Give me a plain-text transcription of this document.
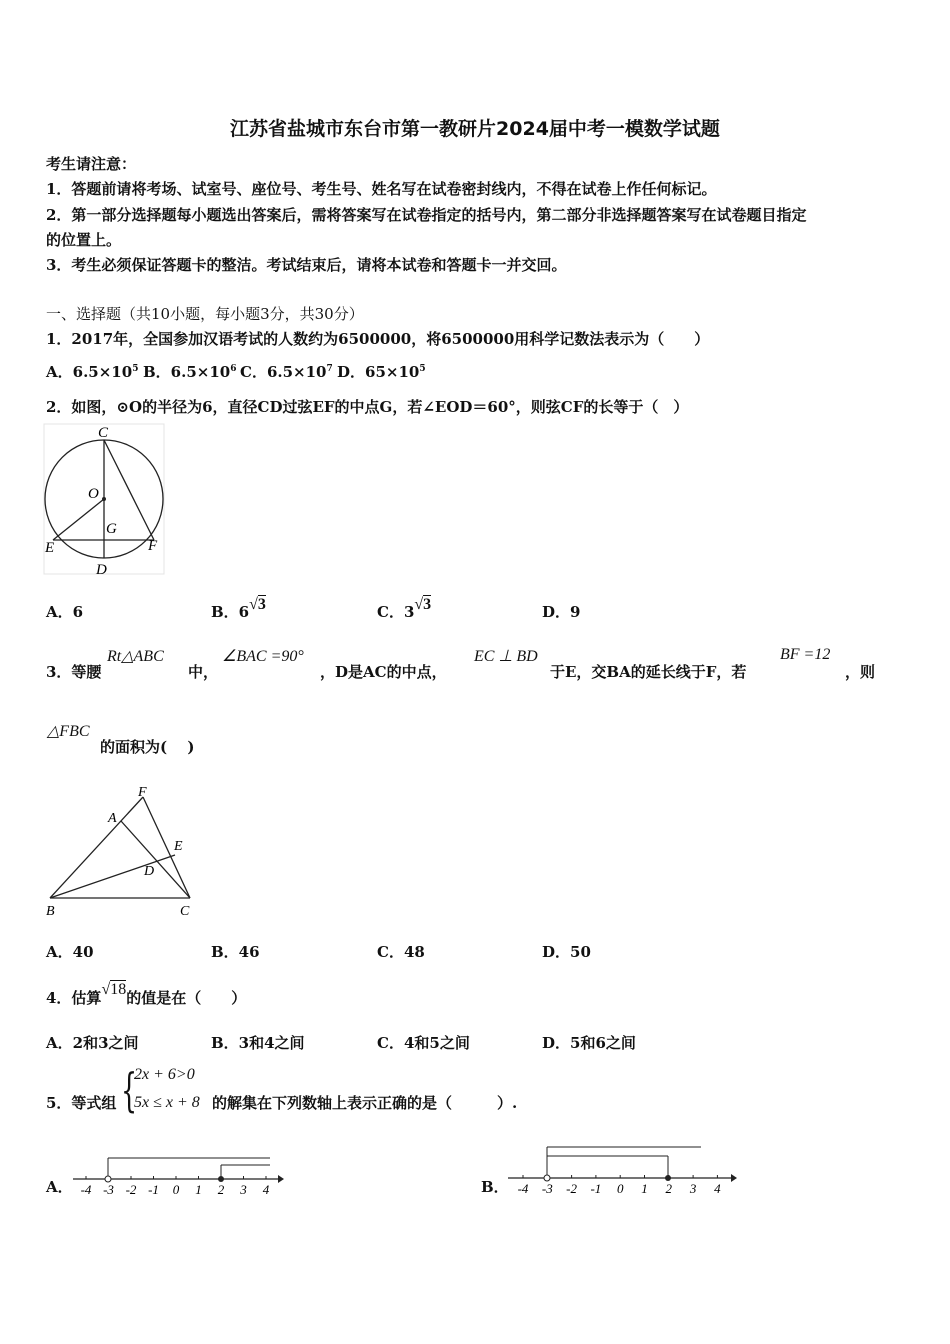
江苏省盐城市东台市第一教研片2024届中考一模数学试题
考生请注意：
1．答题前请将考场、试室号、座位号、考生号、姓名写在试卷密封线内，不得在试卷上作任何标记。
2．第一部分选择题每小题选出答案后，需将答案写在试卷指定的括号内，第二部分非选择题答案写在试卷题目指定
的位置上。
3．考生必须保证答题卡的整洁。考试结束后，请将本试卷和答题卡一并交回。
一、选择题（共10小题，每小题3分，共30分）
1．2017年，全国参加汉语考试的人数约为6500000，将6500000用科学记数法表示为（　　）
A．$6.5\times 10^5$ B．$6.5\times 10^6$ C．$6.5\times 10^7$ D．$65\times 10^5$
2．如图，⊙O的半径为6，直径CD过弦EF的中点G，若∠EOD＝60°，则弦CF的长等于（　）
C
O
G
E	F
D
A．6	B．6√3	C．3√3	D．9
3．等腰
Rt△ABC
中，
∠BAC =90°
，D是AC的中点，
EC ⊥ BD
于E，交BA的延长线于F，若
BF =12
，则
△FBC
的面积为(　 )
F
A
E
D
B	C
A．40	B．46	C．48	D．50
4．估算√18的值是在（　　）
A．2和3之间	B．3和4之间	C．4和5之间	D．5和6之间
5．等式组 {
2x + 6>0
5x ≤ x + 8 的解集在下列数轴上表示正确的是（　　　）.
A． -4 -3 -2 -1 0 1 2 3 4	B． -4 -3 -2 -1 0 1 2 3 4
